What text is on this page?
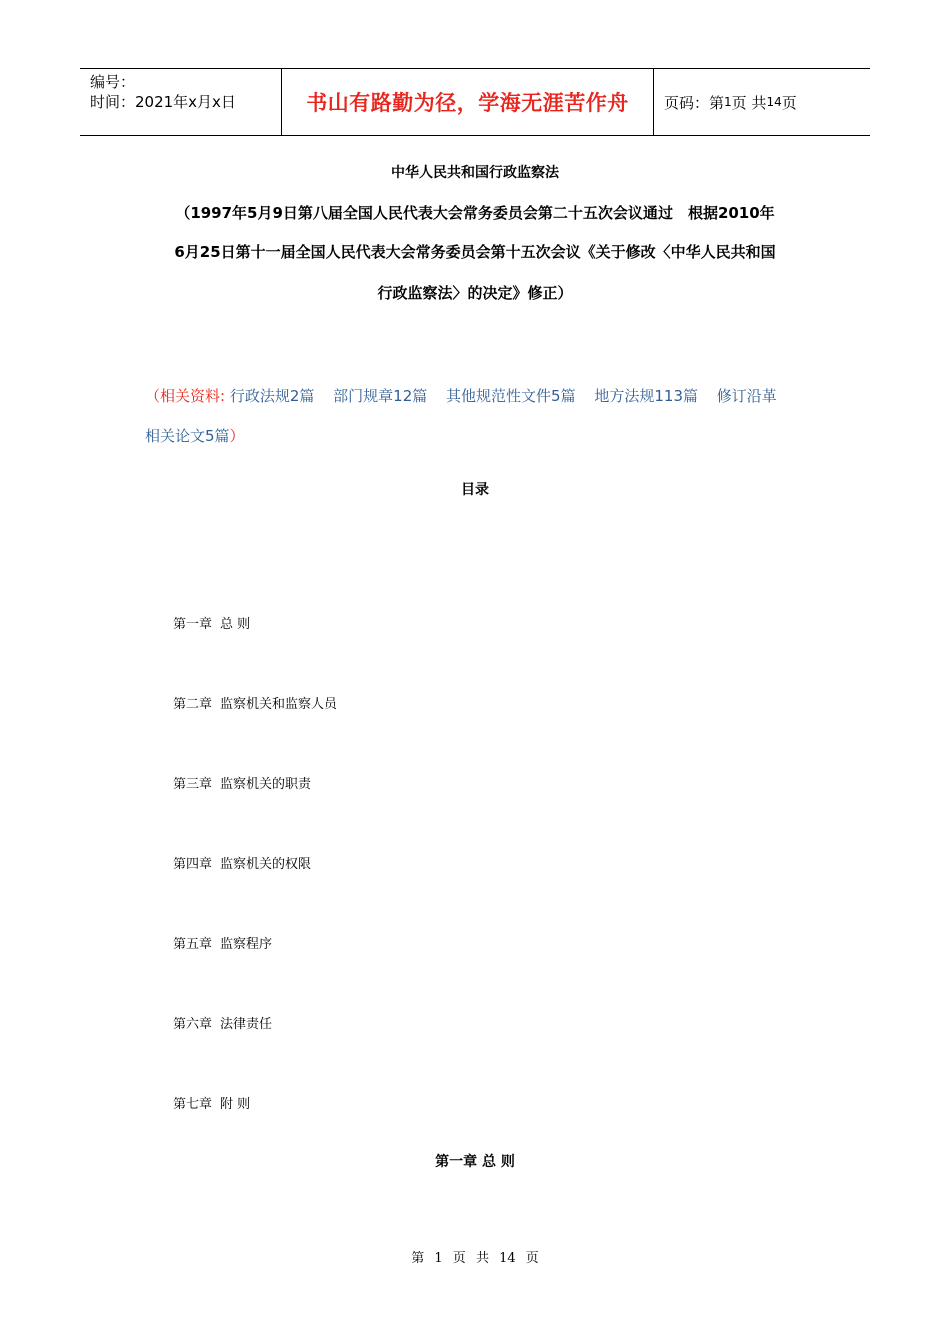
编号：
时间：2021年x月x日	书山有路勤为径，学海无涯苦作舟 页码：第 1 页 共 14 页
中华人民共和国行政监察法
（1997年5月9日第八届全国人民代表大会常务委员会第二十五次会议通过　根据2010年
6月25日第十一届全国人民代表大会常务委员会第十五次会议《关于修改〈中华人民共和国
行政监察法〉的决定》修正）
（相关资料: 行政法规2篇 部门规章12篇 其他规范性文件5篇 地方法规113篇 修订沿革 相关论文5篇）
目录
第一章 总 则
第二章 监察机关和监察人员
第三章 监察机关的职责
第四章 监察机关的权限
第五章 监察程序
第六章 法律责任
第七章 附 则
第一章 总 则
第 1 页 共 14 页
